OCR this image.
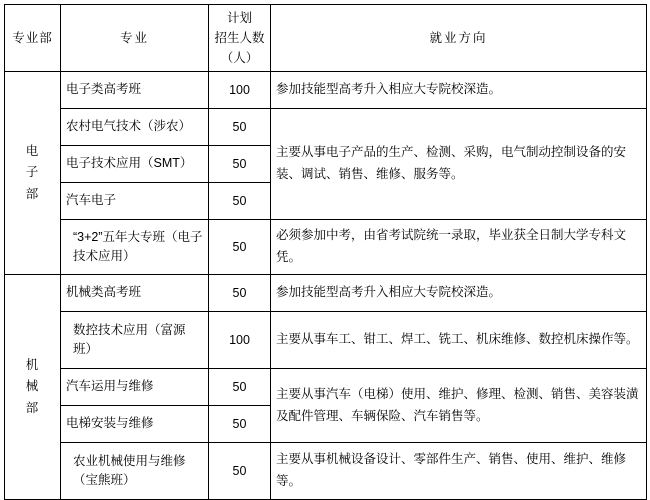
专业部	专业	计划
招生人数
（人）	就业方向

电
子
部	电子类高考班	100	参加技能型高考升入相应大专院校深造。
	农村电气技术（涉农）	50	主要从事电子产品的生产、检测、采购，电气制动控制设备的安装、调试、销售、维修、服务等。
	电子技术应用（SMT）	50	
	汽车电子	50	
	“3+2”五年大专班（电子技术应用）	50	必须参加中考，由省考试院统一录取，毕业获全日制大学专科文凭。

机
械
部	机械类高考班	50	参加技能型高考升入相应大专院校深造。
	数控技术应用（富源班）	100	主要从事车工、钳工、焊工、铣工、机床维修、数控机床操作等。
	汽车运用与维修	50	主要从事汽车（电梯）使用、维护、修理、检测、销售、美容装潢及配件管理、车辆保险、汽车销售等。
	电梯安装与维修	50	
	农业机械使用与维修（宝熊班）	50	主要从事机械设备设计、零部件生产、销售、使用、维护、维修等。
